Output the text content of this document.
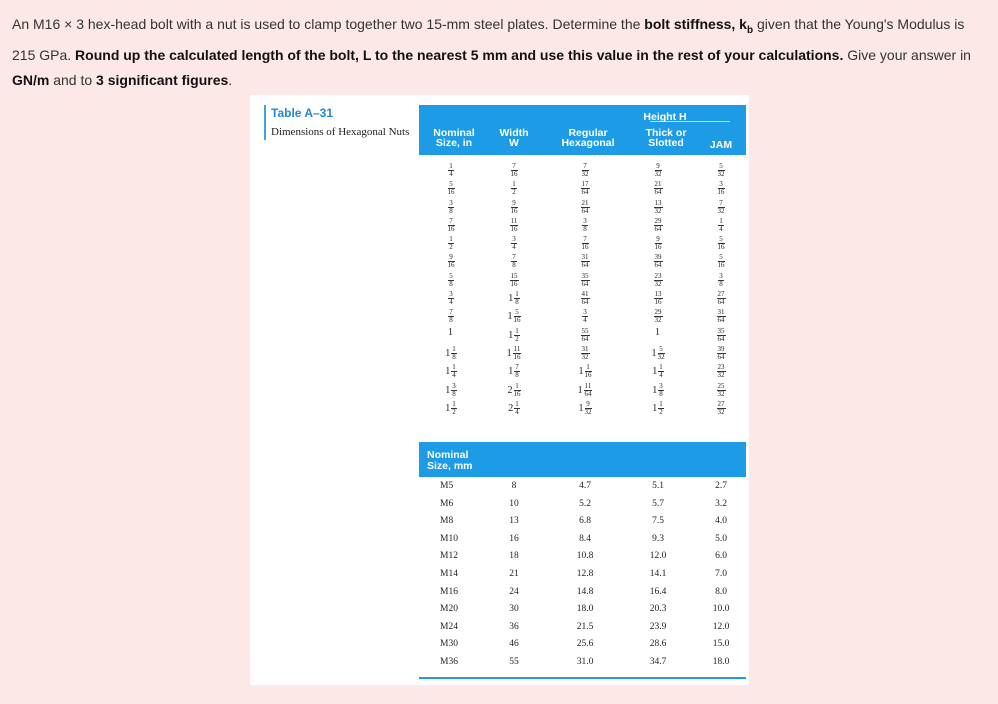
An M16 × 3 hex-head bolt with a nut is used to clamp together two 15-mm steel plates. Determine the bolt stiffness, $k_b$ given that the Young's Modulus is 215 GPa. Round up the calculated length of the bolt, L to the nearest 5 mm and use this value in the rest of your calculations. Give your answer in GN/m and to 3 significant figures.
Table A–31
Dimensions of Hexagonal Nuts	Nominal
Size, in
Width
W
Height H
Regular
Hexagonal
Thick or
Slotted	JAM
$\frac{1}{4}$
$\frac{5}{16}$
$\frac{3}{8}$
$\frac{7}{16}$
$\frac{1}{2}$
$\frac{9}{16}$
$\frac{5}{8}$
$\frac{3}{4}$
$\frac{7}{8}$
1
$1 \frac{1}{8}$
$1 \frac{1}{4}$
$1 \frac{3}{8}$
$1 \frac{1}{2}$
$\frac{7}{16}$
$\frac{1}{2}$
$\frac{9}{16}$
$\frac{11}{16}$
$\frac{3}{4}$
$\frac{7}{8}$
$\frac{15}{16}$
$1 \frac{1}{8}$
$1 \frac{5}{16}$
$1 \frac{1}{2}$
$1 \frac{11}{16}$
$1 \frac{7}{8}$
$2 \frac{1}{16}$
$2 \frac{1}{4}$
$\frac{7}{32}$
$\frac{17}{64}$
$\frac{21}{64}$
$\frac{3}{8}$
$\frac{7}{16}$
$\frac{31}{64}$
$\frac{35}{64}$
$\frac{41}{64}$
$\frac{3}{4}$
$\frac{55}{64}$
$\frac{31}{32}$
$1 \frac{1}{16}$
$1 \frac{11}{64}$
$1 \frac{9}{32}$
$\frac{9}{32}$
$\frac{21}{64}$
$\frac{13}{32}$
$\frac{29}{64}$
$\frac{9}{16}$
$\frac{39}{64}$
$\frac{23}{32}$
$\frac{13}{16}$
$\frac{29}{32}$
1
$1 \frac{5}{32}$
$1 \frac{1}{4}$
$1 \frac{3}{8}$
$1 \frac{1}{2}$
$\frac{5}{32}$
$\frac{3}{16}$
$\frac{7}{32}$
$\frac{1}{4}$
$\frac{5}{16}$
$\frac{5}{16}$
$\frac{3}{8}$
$\frac{27}{64}$
$\frac{31}{64}$
$\frac{35}{64}$
$\frac{39}{64}$
$\frac{23}{32}$
$\frac{25}{32}$
$\frac{27}{32}$
Nominal
Size, mm
M5
M6
M8
M10
M12
M14
M16
M20
M24
M30
M36
8
10
13
16
18
21
24
30
36
46
55
4.7
5.2
6.8
8.4
10.8
12.8
14.8
18.0
21.5
25.6
31.0
5.1
5.7
7.5
9.3
12.0
14.1
16.4
20.3
23.9
28.6
34.7
2.7
3.2
4.0
5.0
6.0
7.0
8.0
10.0
12.0
15.0
18.0
